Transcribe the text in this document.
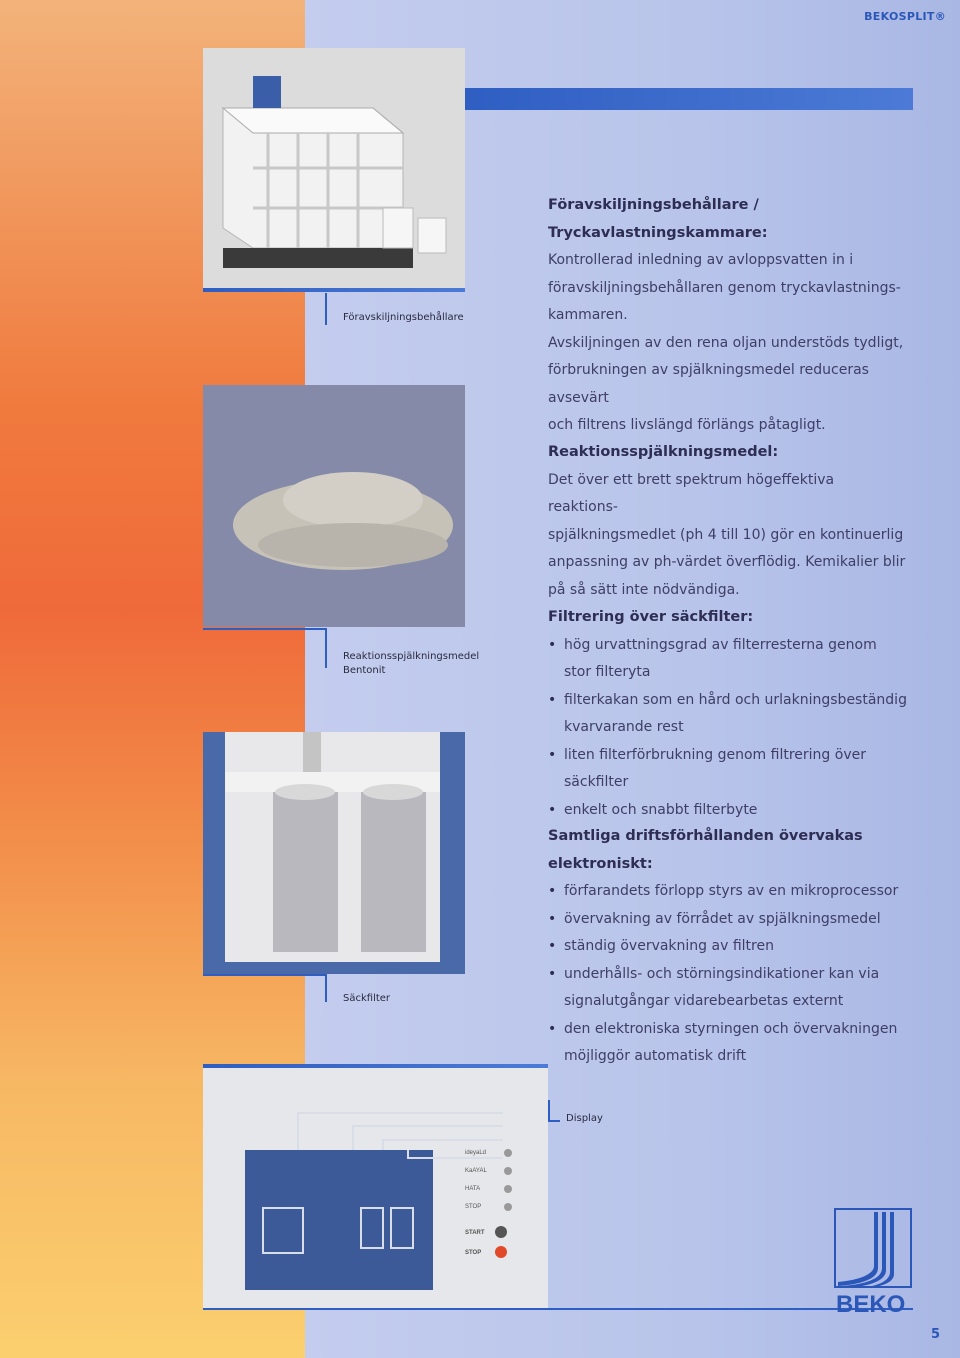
BEKOSPLIT®
Föravskiljningsbehållare
Reaktionsspjälkningsmedel
Bentonit
Säckfilter
ideyaLd
KaAYAL
HATA
STOP
START
STOP
Display
Föravskiljningsbehållare / Tryckavlastningskammare:

Kontrollerad inledning av avloppsvatten in i

föravskiljningsbehållaren genom tryckavlastnings-

kammaren.

Avskiljningen av den rena oljan understöds tydligt,

förbrukningen av spjälkningsmedel reduceras avsevärt

och filtrens livslängd förlängs påtagligt.

Reaktionsspjälkningsmedel:

Det över ett brett spektrum högeffektiva reaktions-

spjälkningsmedlet (ph 4 till 10) gör en kontinuerlig

anpassning av ph-värdet överflödig. Kemikalier blir

på så sätt inte nödvändiga.

Filtrering över säckfilter:
• hög urvattningsgrad av filterresterna genom stor filteryta
• filterkakan som en hård och urlakningsbeständig kvarvarande rest
• liten filterförbrukning genom filtrering över säckfilter
• enkelt och snabbt filterbyte
Samtliga driftsförhållanden övervakas elektroniskt:
• förfarandets förlopp styrs av en mikroprocessor
• övervakning av förrådet av spjälkningsmedel
• ständig övervakning av filtren
• underhålls- och störningsindikationer kan via signalutgångar vidarebearbetas externt
• den elektroniska styrningen och övervakningen möjliggör automatisk drift
BEKO
5
